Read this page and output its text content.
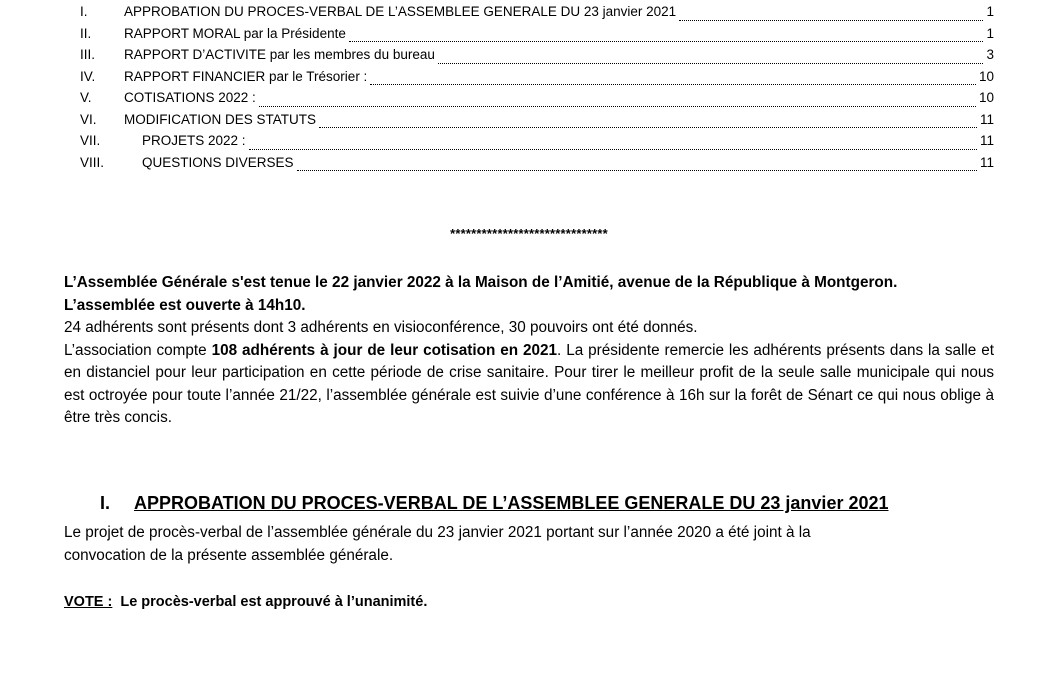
I.	APPROBATION DU PROCES-VERBAL DE L’ASSEMBLEE GENERALE DU 23 janvier 2021	1
II.	RAPPORT MORAL par la Présidente	1
III.	RAPPORT D’ACTIVITE par les membres du bureau	3
IV.	RAPPORT FINANCIER par le Trésorier :	10
V.	COTISATIONS 2022 :	10
VI.	MODIFICATION DES STATUTS	11
VII.	PROJETS 2022 :	11
VIII.	QUESTIONS DIVERSES	11
******************************

L’Assemblée Générale s'est tenue le 22 janvier 2022 à la Maison de l’Amitié, avenue de la République à Montgeron.

L’assemblée est ouverte à 14h10.

24 adhérents sont présents dont 3 adhérents en visioconférence, 30 pouvoirs ont été donnés.

L’association compte 108 adhérents à jour de leur cotisation en 2021. La présidente remercie les adhérents présents dans la salle et en distanciel pour leur participation en cette période de crise sanitaire. Pour tirer le meilleur profit de la seule salle municipale qui nous est octroyée pour toute l’année 21/22, l’assemblée générale est suivie d’une conférence à 16h sur la forêt de Sénart ce qui nous oblige à être très concis.

I. APPROBATION DU PROCES-VERBAL DE L’ASSEMBLEE GENERALE DU 23 janvier 2021

Le projet de procès-verbal de l’assemblée générale du 23 janvier 2021 portant sur l’année 2020 a été joint à la

convocation de la présente assemblée générale.

VOTE : Le procès-verbal est approuvé à l’unanimité.
